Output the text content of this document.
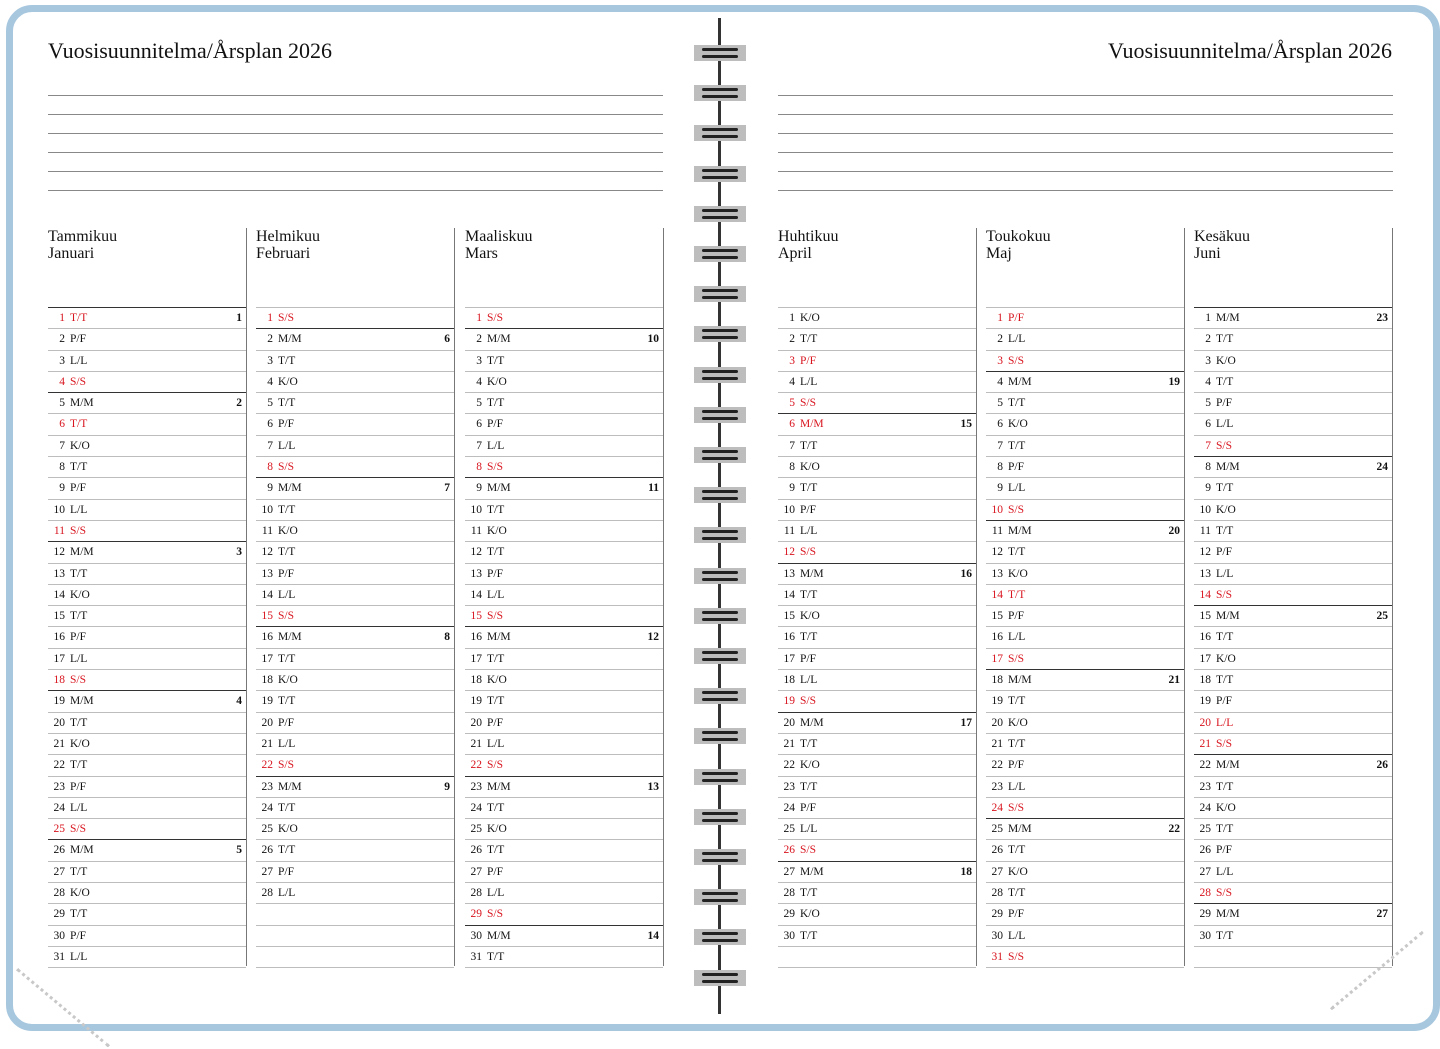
Vuosisuunnitelma/Årsplan 2026	Vuosisuunnitelma/Årsplan 2026
Tammikuu
Januari
1 T/T	1
2 P/F
3 L/L
4 S/S
5 M/M	2
6 T/T
7 K/O
8 T/T
9 P/F
10 L/L
11 S/S
12 M/M	3
13 T/T
14 K/O
15 T/T
16 P/F
17 L/L
18 S/S
19 M/M	4
20 T/T
21 K/O
22 T/T
23 P/F
24 L/L
25 S/S
26 M/M	5
27 T/T
28 K/O
29 T/T
30 P/F
31 L/L
Helmikuu
Februari
1 S/S
2 M/M	6
3 T/T
4 K/O
5 T/T
6 P/F
7 L/L
8 S/S
9 M/M	7
10 T/T
11 K/O
12 T/T
13 P/F
14 L/L
15 S/S
16 M/M	8
17 T/T
18 K/O
19 T/T
20 P/F
21 L/L
22 S/S
23 M/M	9
24 T/T
25 K/O
26 T/T
27 P/F
28 L/L
Maaliskuu
Mars
1 S/S
2 M/M	10
3 T/T
4 K/O
5 T/T
6 P/F
7 L/L
8 S/S
9 M/M	11
10 T/T
11 K/O
12 T/T
13 P/F
14 L/L
15 S/S
16 M/M	12
17 T/T
18 K/O
19 T/T
20 P/F
21 L/L
22 S/S
23 M/M	13
24 T/T
25 K/O
26 T/T
27 P/F
28 L/L
29 S/S
30 M/M	14
31 T/T
Huhtikuu
April
1 K/O
2 T/T
3 P/F
4 L/L
5 S/S
6 M/M	15
7 T/T
8 K/O
9 T/T
10 P/F
11 L/L
12 S/S
13 M/M	16
14 T/T
15 K/O
16 T/T
17 P/F
18 L/L
19 S/S
20 M/M	17
21 T/T
22 K/O
23 T/T
24 P/F
25 L/L
26 S/S
27 M/M	18
28 T/T
29 K/O
30 T/T
Toukokuu
Maj
1 P/F
2 L/L
3 S/S
4 M/M	19
5 T/T
6 K/O
7 T/T
8 P/F
9 L/L
10 S/S
11 M/M	20
12 T/T
13 K/O
14 T/T
15 P/F
16 L/L
17 S/S
18 M/M	21
19 T/T
20 K/O
21 T/T
22 P/F
23 L/L
24 S/S
25 M/M	22
26 T/T
27 K/O
28 T/T
29 P/F
30 L/L
31 S/S
Kesäkuu
Juni
1 M/M	23
2 T/T
3 K/O
4 T/T
5 P/F
6 L/L
7 S/S
8 M/M	24
9 T/T
10 K/O
11 T/T
12 P/F
13 L/L
14 S/S
15 M/M	25
16 T/T
17 K/O
18 T/T
19 P/F
20 L/L
21 S/S
22 M/M	26
23 T/T
24 K/O
25 T/T
26 P/F
27 L/L
28 S/S
29 M/M	27
30 T/T
